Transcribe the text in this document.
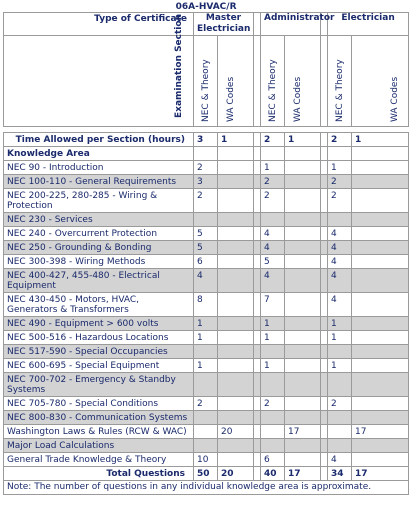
06A-HVAC/R								
Type of Certificate	Master Electrician			Administrator			Electrician	

Examination Section	NEC & Theory	WA Codes		NEC & Theory	WA Codes		NEC & Theory	WA Codes

Time Allowed per Section (hours)	3	1		2	1		2	1
Knowledge Area								
NEC 90 - Introduction	2			1			1	
NEC 100-110 - General Requirements	3			2			2	
NEC 200-225, 280-285 - Wiring & Protection	2			2			2	
NEC 230 - Services								
NEC 240 - Overcurrent Protection	5			4			4	
NEC 250 - Grounding & Bonding	5			4			4	
NEC 300-398 - Wiring Methods	6			5			4	
NEC 400-427, 455-480 - Electrical Equipment	4			4			4	
NEC 430-450 - Motors, HVAC, Generators & Transformers	8			7			4	
NEC 490 - Equipment > 600 volts	1			1			1	
NEC 500-516 - Hazardous Locations	1			1			1	
NEC 517-590 - Special Occupancies								
NEC 600-695 - Special Equipment	1			1			1	
NEC 700-702 - Emergency & Standby Systems								
NEC 705-780 - Special Conditions	2			2			2	
NEC 800-830 - Communication Systems								
Washington Laws & Rules (RCW & WAC)		20			17			17
Major Load Calculations								
General Trade Knowledge & Theory	10			6			4	
Total Questions	50	20		40	17		34	17
Note: The number of questions in any individual knowledge area is approximate.								
